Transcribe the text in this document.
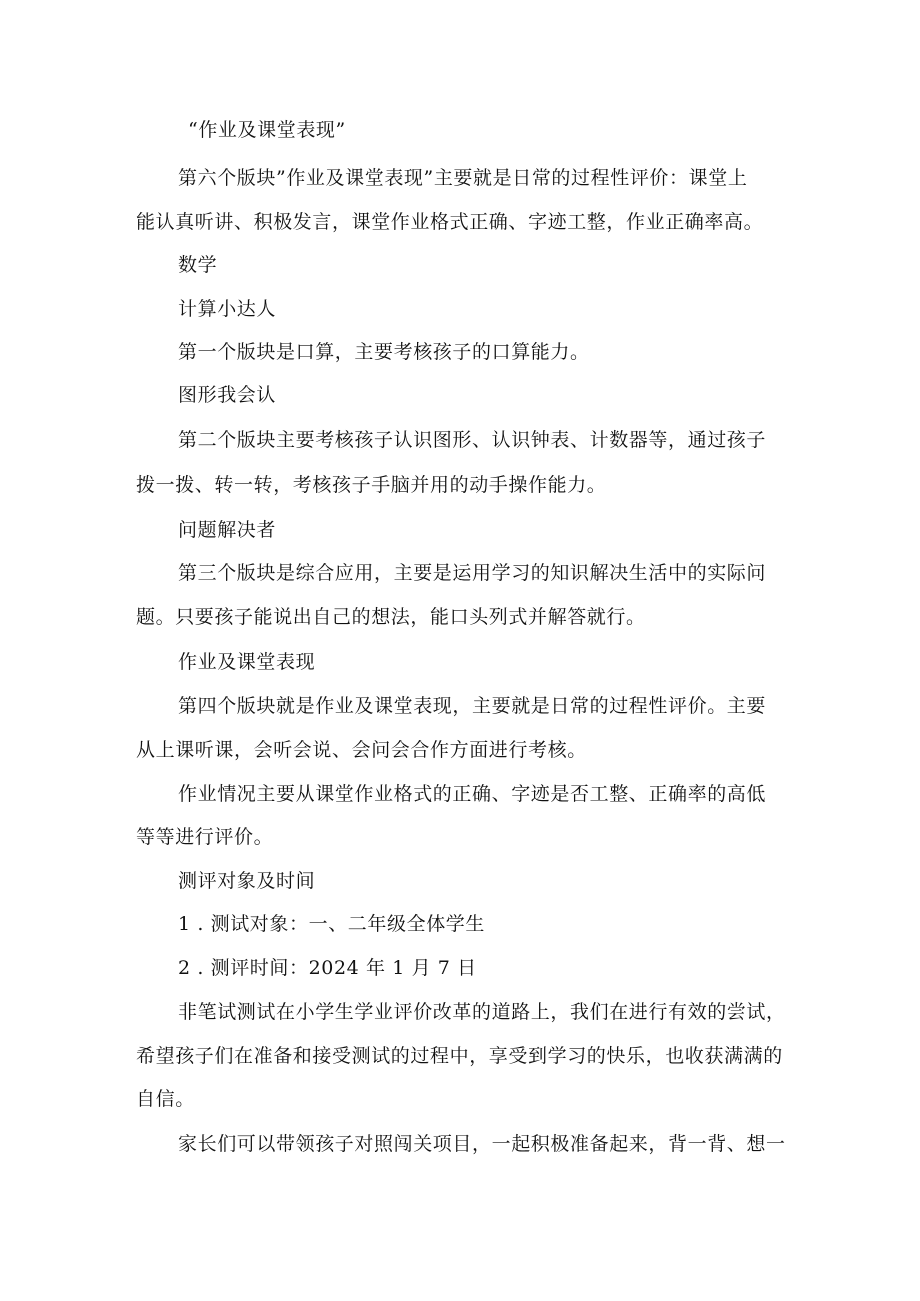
“作业及课堂表现”
第六个版块”作业及课堂表现”主要就是日常的过程性评价：课堂上
能认真听讲、积极发言，课堂作业格式正确、字迹工整，作业正确率高。
数学
计算小达人
第一个版块是口算，主要考核孩子的口算能力。
图形我会认
第二个版块主要考核孩子认识图形、认识钟表、计数器等，通过孩子
拨一拨、转一转，考核孩子手脑并用的动手操作能力。
问题解决者
第三个版块是综合应用，主要是运用学习的知识解决生活中的实际问
题。只要孩子能说出自己的想法，能口头列式并解答就行。
作业及课堂表现
第四个版块就是作业及课堂表现，主要就是日常的过程性评价。主要
从上课听课，会听会说、会问会合作方面进行考核。
作业情况主要从课堂作业格式的正确、字迹是否工整、正确率的高低
等等进行评价。
测评对象及时间
1 . 测试对象：一、二年级全体学生
2 . 测评时间：2024 年 1 月 7 日
非笔试测试在小学生学业评价改革的道路上，我们在进行有效的尝试，
希望孩子们在准备和接受测试的过程中，享受到学习的快乐，也收获满满的
自信。
家长们可以带领孩子对照闯关项目，一起积极准备起来，背一背、想一
